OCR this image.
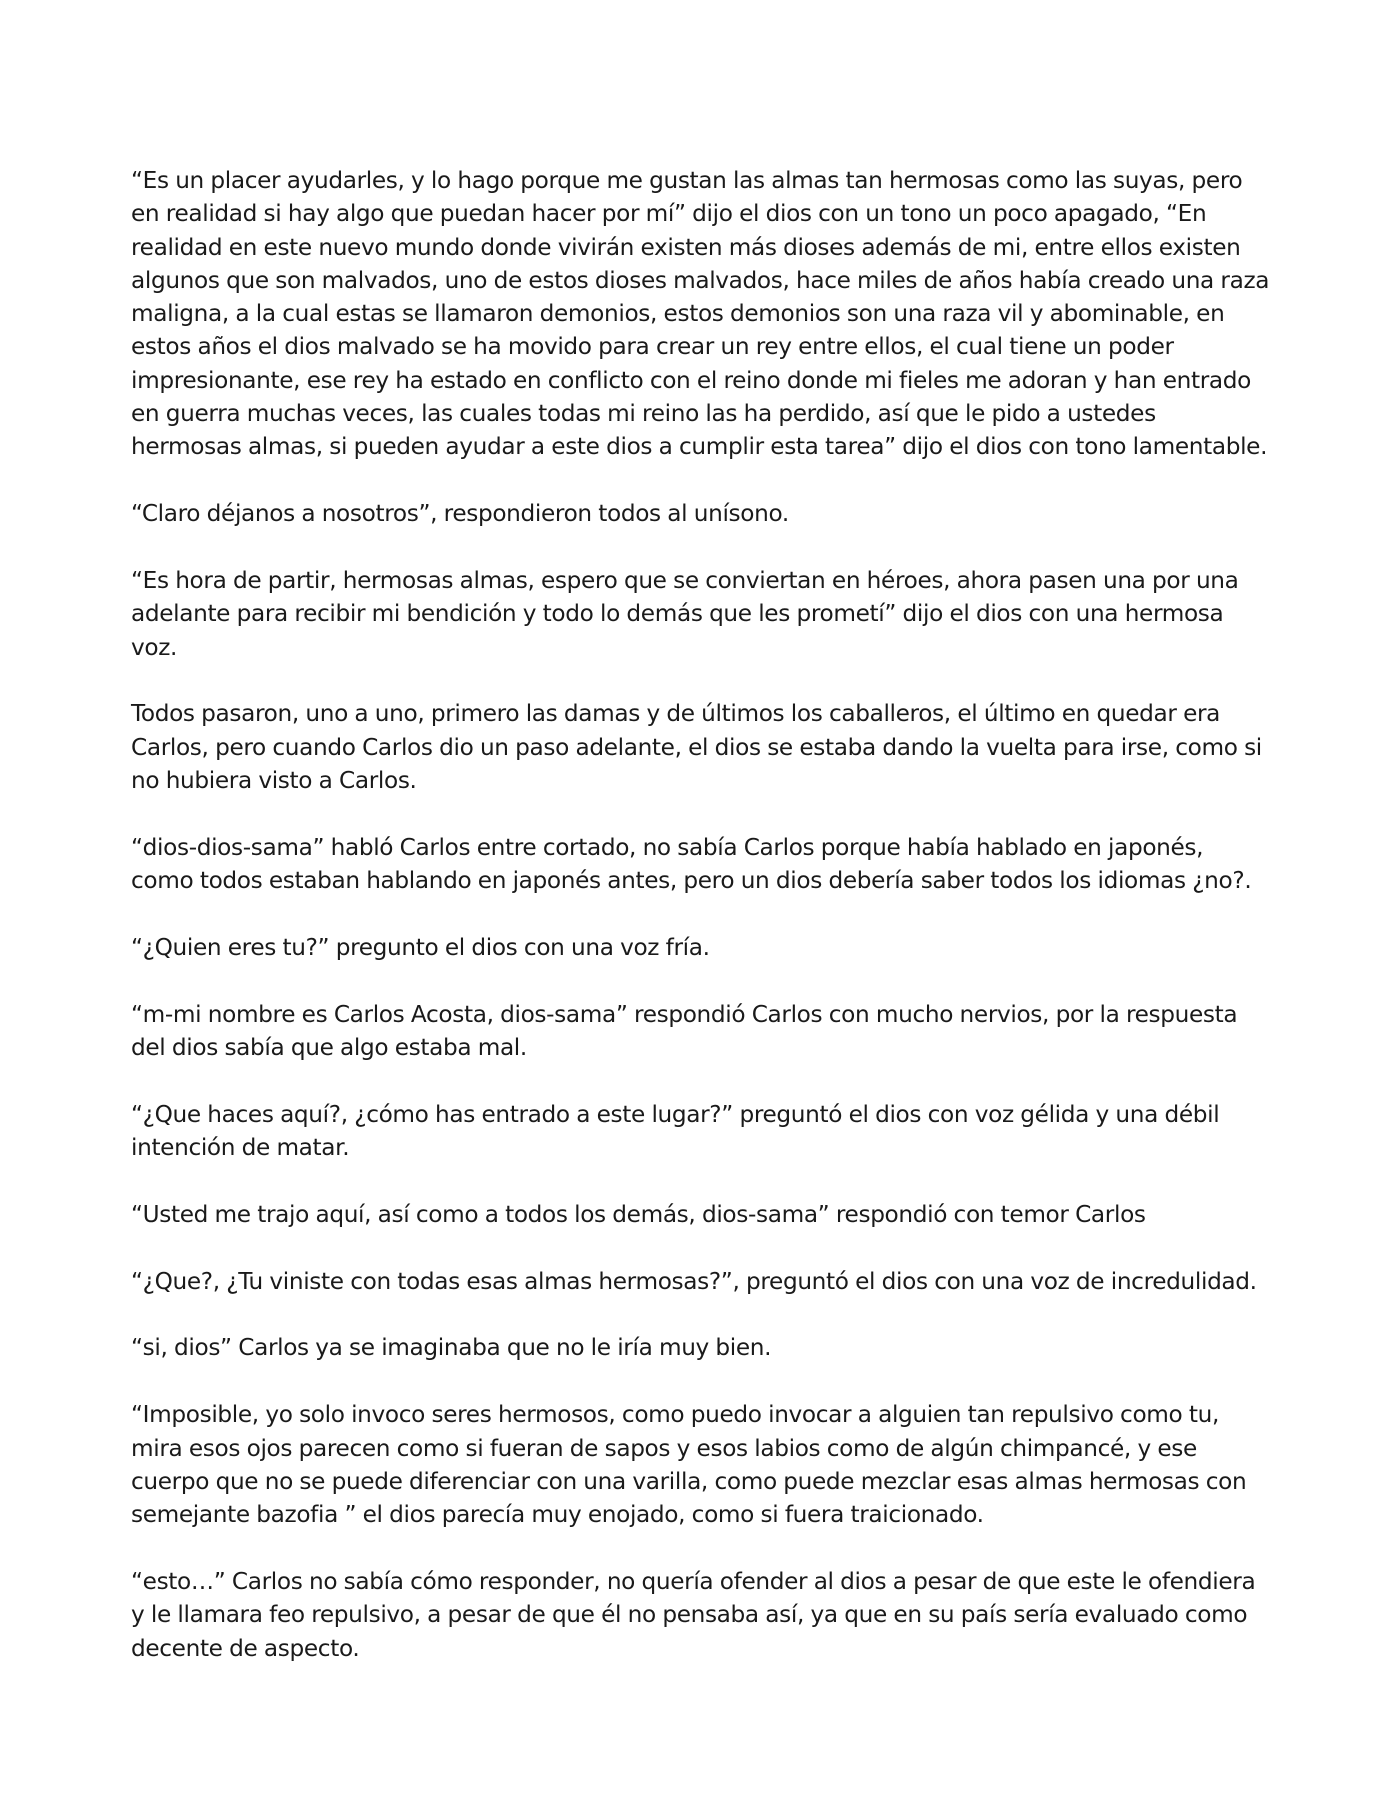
“Es un placer ayudarles, y lo hago porque me gustan las almas tan hermosas como las suyas, pero en realidad si hay algo que puedan hacer por mí” dijo el dios con un tono un poco apagado, “En realidad en este nuevo mundo donde vivirán existen más dioses además de mi, entre ellos existen algunos que son malvados, uno de estos dioses malvados, hace miles de años había creado una raza maligna, a la cual estas se llamaron demonios, estos demonios son una raza vil y abominable, en estos años el dios malvado se ha movido para crear un rey entre ellos, el cual tiene un poder impresionante, ese rey ha estado en conflicto con el reino donde mi fieles me adoran y han entrado en guerra muchas veces, las cuales todas mi reino las ha perdido, así que le pido a ustedes hermosas almas, si pueden ayudar a este dios a cumplir esta tarea” dijo el dios con tono lamentable.

“Claro déjanos a nosotros”, respondieron todos al unísono.

“Es hora de partir, hermosas almas, espero que se conviertan en héroes, ahora pasen una por una adelante para recibir mi bendición y todo lo demás que les prometí” dijo el dios con una hermosa voz.

Todos pasaron, uno a uno, primero las damas y de últimos los caballeros, el último en quedar era Carlos, pero cuando Carlos dio un paso adelante, el dios se estaba dando la vuelta para irse, como si no hubiera visto a Carlos.

“dios-dios-sama” habló Carlos entre cortado, no sabía Carlos porque había hablado en japonés, como todos estaban hablando en japonés antes, pero un dios debería saber todos los idiomas ¿no?.

“¿Quien eres tu?” pregunto el dios con una voz fría.

“m-mi nombre es Carlos Acosta, dios-sama” respondió Carlos con mucho nervios, por la respuesta del dios sabía que algo estaba mal.

“¿Que haces aquí?, ¿cómo has entrado a este lugar?” preguntó el dios con voz gélida y una débil intención de matar.

“Usted me trajo aquí, así como a todos los demás, dios-sama” respondió con temor Carlos

“¿Que?, ¿Tu viniste con todas esas almas hermosas?”, preguntó el dios con una voz de incredulidad.

“si, dios” Carlos ya se imaginaba que no le iría muy bien.

“Imposible, yo solo invoco seres hermosos, como puedo invocar a alguien tan repulsivo como tu, mira esos ojos parecen como si fueran de sapos y esos labios como de algún chimpancé, y ese cuerpo que no se puede diferenciar con una varilla, como puede mezclar esas almas hermosas con semejante bazofia ” el dios parecía muy enojado, como si fuera traicionado.

“esto…” Carlos no sabía cómo responder, no quería ofender al dios a pesar de que este le ofendiera y le llamara feo repulsivo, a pesar de que él no pensaba así, ya que en su país sería evaluado como decente de aspecto.
